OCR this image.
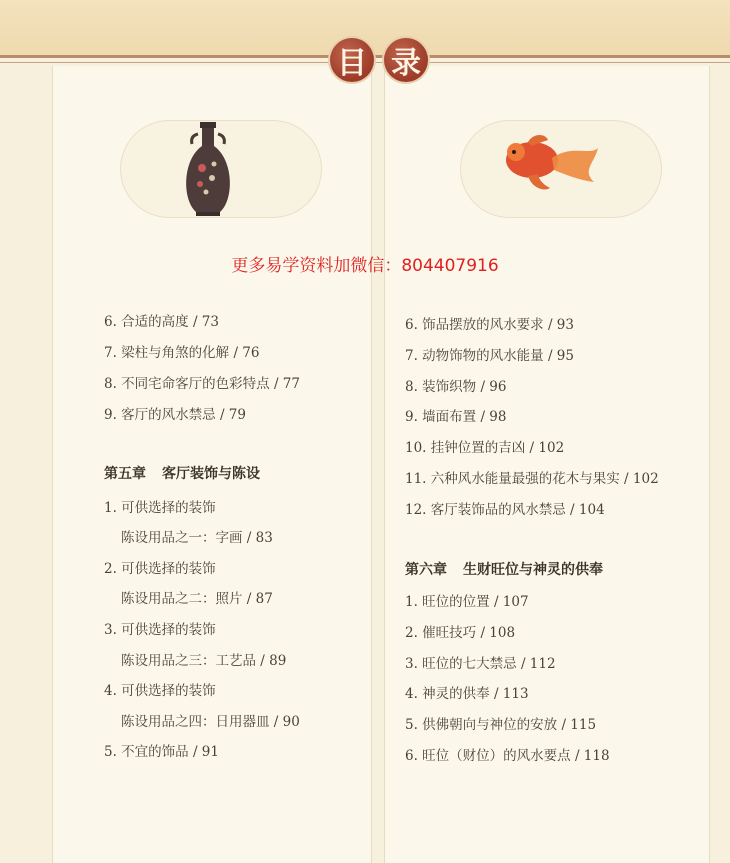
目 录
更多易学资料加微信：804407916
6. 合适的高度 / 73
7. 梁柱与角煞的化解 / 76
8. 不同宅命客厅的色彩特点 / 77
9. 客厅的风水禁忌 / 79
第五章 客厅装饰与陈设
1. 可供选择的装饰
陈设用品之一：字画 / 83
2. 可供选择的装饰
陈设用品之二：照片 / 87
3. 可供选择的装饰
陈设用品之三：工艺品 / 89
4. 可供选择的装饰
陈设用品之四：日用器皿 / 90
5. 不宜的饰品 / 91
6. 饰品摆放的风水要求 / 93
7. 动物饰物的风水能量 / 95
8. 装饰织物 / 96
9. 墙面布置 / 98
10. 挂钟位置的吉凶 / 102
11. 六种风水能量最强的花木与果实 / 102
12. 客厅装饰品的风水禁忌 / 104
第六章 生财旺位与神灵的供奉
1. 旺位的位置 / 107
2. 催旺技巧 / 108
3. 旺位的七大禁忌 / 112
4. 神灵的供奉 / 113
5. 供佛朝向与神位的安放 / 115
6. 旺位（财位）的风水要点 / 118
